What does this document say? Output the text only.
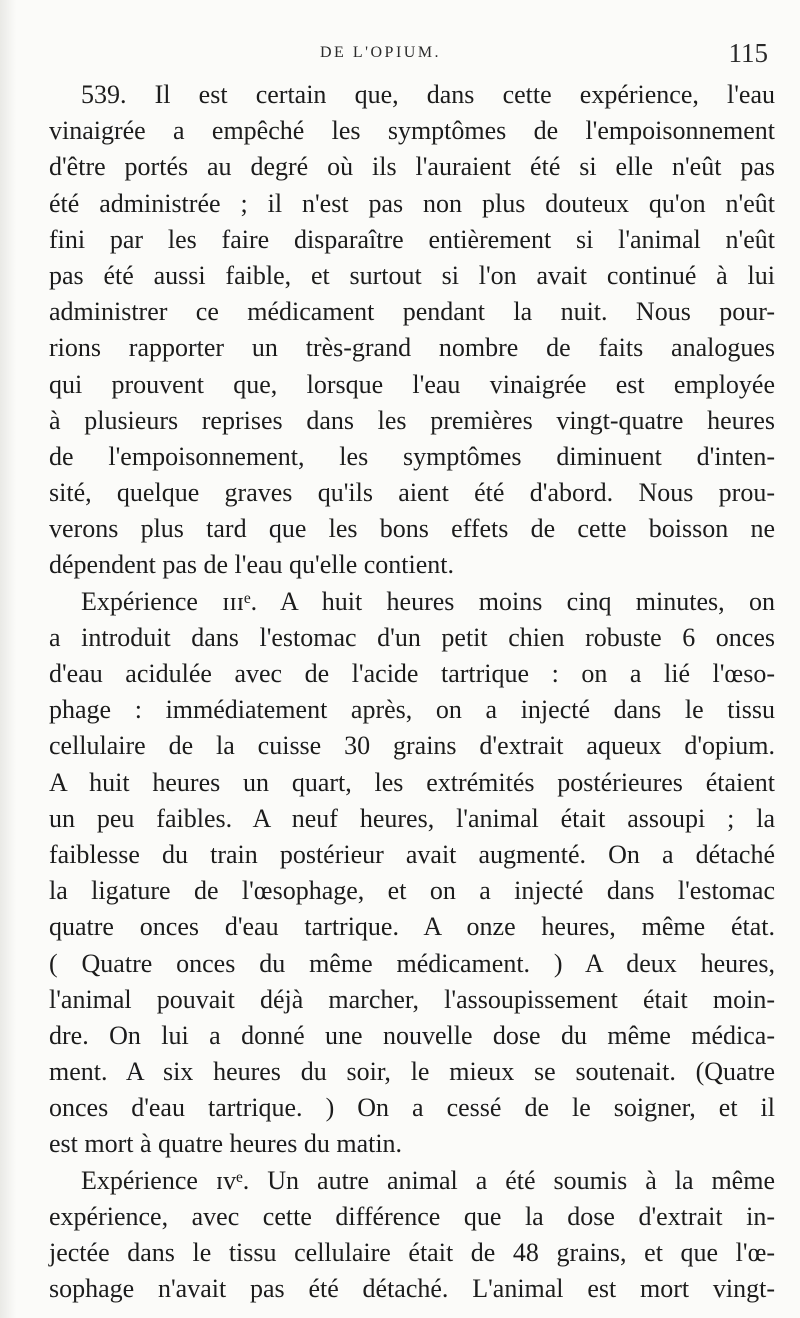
DE L'OPIUM.	115
539. Il est certain que, dans cette expérience, l'eau
vinaigrée a empêché les symptômes de l'empoisonnement
d'être portés au degré où ils l'auraient été si elle n'eût pas
été administrée ; il n'est pas non plus douteux qu'on n'eût
fini par les faire disparaître entièrement si l'animal n'eût
pas été aussi faible, et surtout si l'on avait continué à lui
administrer ce médicament pendant la nuit. Nous pour-
rions rapporter un très-grand nombre de faits analogues
qui prouvent que, lorsque l'eau vinaigrée est employée
à plusieurs reprises dans les premières vingt-quatre heures
de l'empoisonnement, les symptômes diminuent d'inten-
sité, quelque graves qu'ils aient été d'abord. Nous prou-
verons plus tard que les bons effets de cette boisson ne
dépendent pas de l'eau qu'elle contient.
Expérience ɪɪɪᵉ. A huit heures moins cinq minutes, on
a introduit dans l'estomac d'un petit chien robuste 6 onces
d'eau acidulée avec de l'acide tartrique : on a lié l'œso-
phage : immédiatement après, on a injecté dans le tissu
cellulaire de la cuisse 30 grains d'extrait aqueux d'opium.
A huit heures un quart, les extrémités postérieures étaient
un peu faibles. A neuf heures, l'animal était assoupi ; la
faiblesse du train postérieur avait augmenté. On a détaché
la ligature de l'œsophage, et on a injecté dans l'estomac
quatre onces d'eau tartrique. A onze heures, même état.
( Quatre onces du même médicament. ) A deux heures,
l'animal pouvait déjà marcher, l'assoupissement était moin-
dre. On lui a donné une nouvelle dose du même médica-
ment. A six heures du soir, le mieux se soutenait. (Quatre
onces d'eau tartrique. ) On a cessé de le soigner, et il
est mort à quatre heures du matin.
Expérience ɪᴠᵉ. Un autre animal a été soumis à la même
expérience, avec cette différence que la dose d'extrait in-
jectée dans le tissu cellulaire était de 48 grains, et que l'œ-
sophage n'avait pas été détaché. L'animal est mort vingt-
